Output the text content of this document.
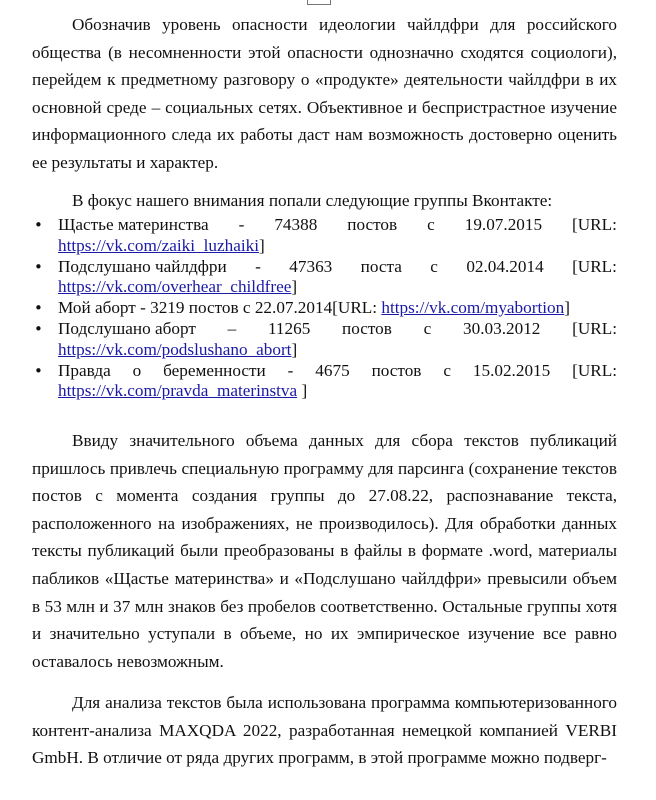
Обозначив уровень опасности идеологии чайлдфри для российского общества (в несомненности этой опасности однозначно сходятся социологи), перейдем к предметному разговору о «продукте» деятельности чайлдфри в их основной среде – социальных сетях. Объективное и беспристрастное изучение информационного следа их работы даст нам возможность достоверно оценить ее результаты и характер.

В фокус нашего внимания попали следующие группы Вконтакте:
• Щастье материнства - 74388 постов с 19.07.2015 [URL:
https://vk.com/zaiki_luzhaiki]
• Подслушано чайлдфри - 47363 поста с 02.04.2014 [URL:
https://vk.com/overhear_childfree]
• Мой аборт - 3219 постов с 22.07.2014[URL: https://vk.com/myabortion]
• Подслушано аборт – 11265 постов с 30.03.2012 [URL:
https://vk.com/podslushano_abort]
• Правда о беременности - 4675 постов с 15.02.2015 [URL:
https://vk.com/pravda_materinstva ]

Ввиду значительного объема данных для сбора текстов публикаций пришлось привлечь специальную программу для парсинга (сохранение текстов постов с момента создания группы до 27.08.22, распознавание текста, расположенного на изображениях, не производилось). Для обработки данных тексты публикаций были преобразованы в файлы в формате .word, материалы пабликов «Щастье материнства» и «Подслушано чайлдфри» превысили объем в 53 млн и 37 млн знаков без пробелов соответственно. Остальные группы хотя и значительно уступали в объеме, но их эмпирическое изучение все равно оставалось невозможным.

Для анализа текстов была использована программа компьютеризованного контент-анализа MAXQDA 2022, разработанная немецкой компанией VERBI GmbH. В отличие от ряда других программ, в этой программе можно подверг-
